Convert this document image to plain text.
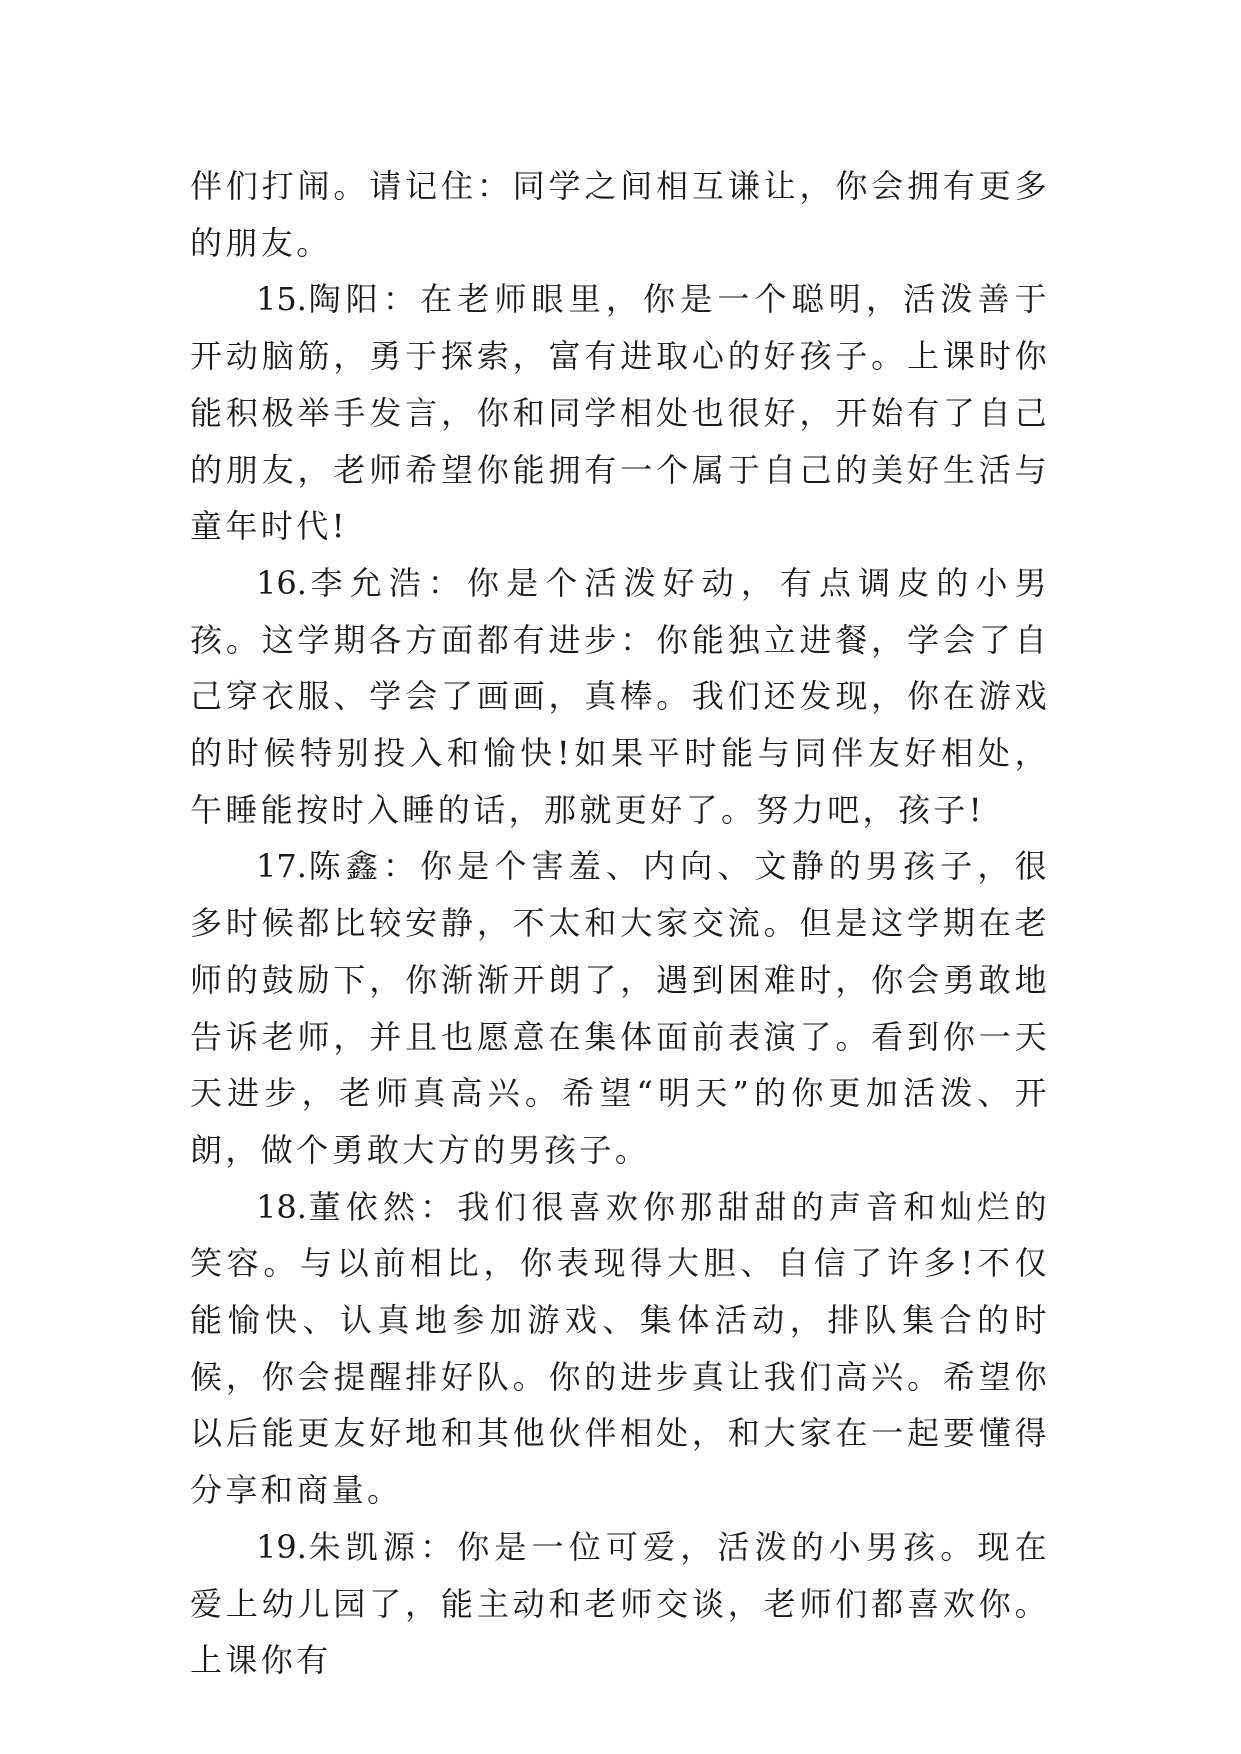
伴们打闹。请记住：同学之间相互谦让，你会拥有更多的朋友。

15.陶阳：在老师眼里，你是一个聪明，活泼善于开动脑筋，勇于探索，富有进取心的好孩子。上课时你能积极举手发言，你和同学相处也很好，开始有了自己的朋友，老师希望你能拥有一个属于自己的美好生活与童年时代!

16.李允浩：你是个活泼好动，有点调皮的小男孩。这学期各方面都有进步：你能独立进餐，学会了自己穿衣服、学会了画画，真棒。我们还发现，你在游戏的时候特别投入和愉快!如果平时能与同伴友好相处，午睡能按时入睡的话，那就更好了。努力吧，孩子!

17.陈鑫：你是个害羞、内向、文静的男孩子，很多时候都比较安静，不太和大家交流。但是这学期在老师的鼓励下，你渐渐开朗了，遇到困难时，你会勇敢地告诉老师，并且也愿意在集体面前表演了。看到你一天天进步，老师真高兴。希望“明天”的你更加活泼、开朗，做个勇敢大方的男孩子。

18.董依然：我们很喜欢你那甜甜的声音和灿烂的笑容。与以前相比，你表现得大胆、自信了许多!不仅能愉快、认真地参加游戏、集体活动，排队集合的时候，你会提醒排好队。你的进步真让我们高兴。希望你以后能更友好地和其他伙伴相处，和大家在一起要懂得分享和商量。

19.朱凯源：你是一位可爱，活泼的小男孩。现在爱上幼儿园了，能主动和老师交谈，老师们都喜欢你。上课你有
